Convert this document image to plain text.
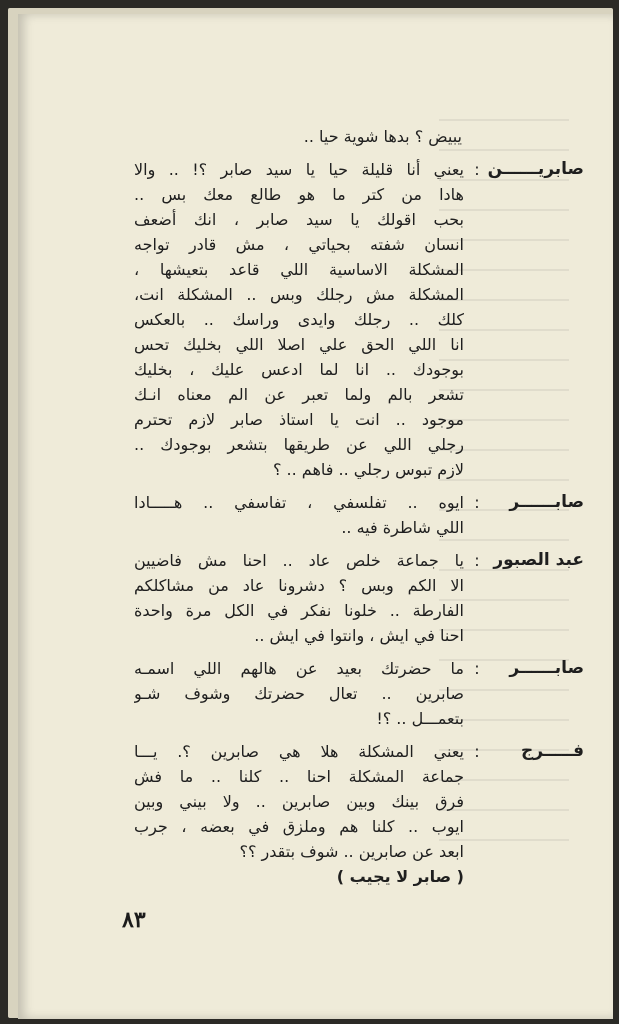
يبيض ؟ بدها شوية حيا ..
صابريــــــن
:
يعني أنا قليلة حيا يا سيد صابر ؟! .. والا
هادا من كتر ما هو طالع معك بس ..
بحب اقولك يا سيد صابر ، انك أضعف
انسان شفته بحياتي ، مش قادر تواجه
المشكلة الاساسية اللي قاعد بتعيشها ،
المشكلة مش رجلك وبس .. المشكلة انت،
كلك .. رجلك وايدى وراسك .. بالعكس
انا اللي الحق علي اصلا اللي بخليك تحس
بوجودك .. انا لما ادعس عليك ، بخليك
تشعر بالم ولما تعبر عن الم معناه انـك
موجود .. انت يا استاذ صابر لازم تحترم
رجلي اللي عن طريقها بتشعر بوجودك ..
لازم تبوس رجلي .. فاهم .. ؟
صابــــــر
:
ايوه .. تفلسفي ، تفاسفي .. هـــــادا
اللي شاطرة فيه ..
عبد الصبور
:
يا جماعة خلص عاد .. احنا مش فاضيين
الا الكم وبس ؟ دشرونا عاد من مشاكلكم
الفارطة .. خلونا نفكر في الكل مرة واحدة
احنا في ايش ، وانتوا في ايش ..
صابــــــر
:
ما حضرتك بعيد عن هالهم اللي اسمـه
صابرين .. تعال حضرتك وشوف شـو
بتعمـــل .. ؟!
فـــــرج
:
يعني المشكلة هلا هي صابرين ؟. يـــا
جماعة المشكلة احنا .. كلنا .. ما فش
فرق بينك وبين صابرين .. ولا بيني وبين
ايوب .. كلنا هم وملزق في بعضه ، جرب
ابعد عن صابرين .. شوف بتقدر ؟؟
( صابر لا يجيب )
٨٣
